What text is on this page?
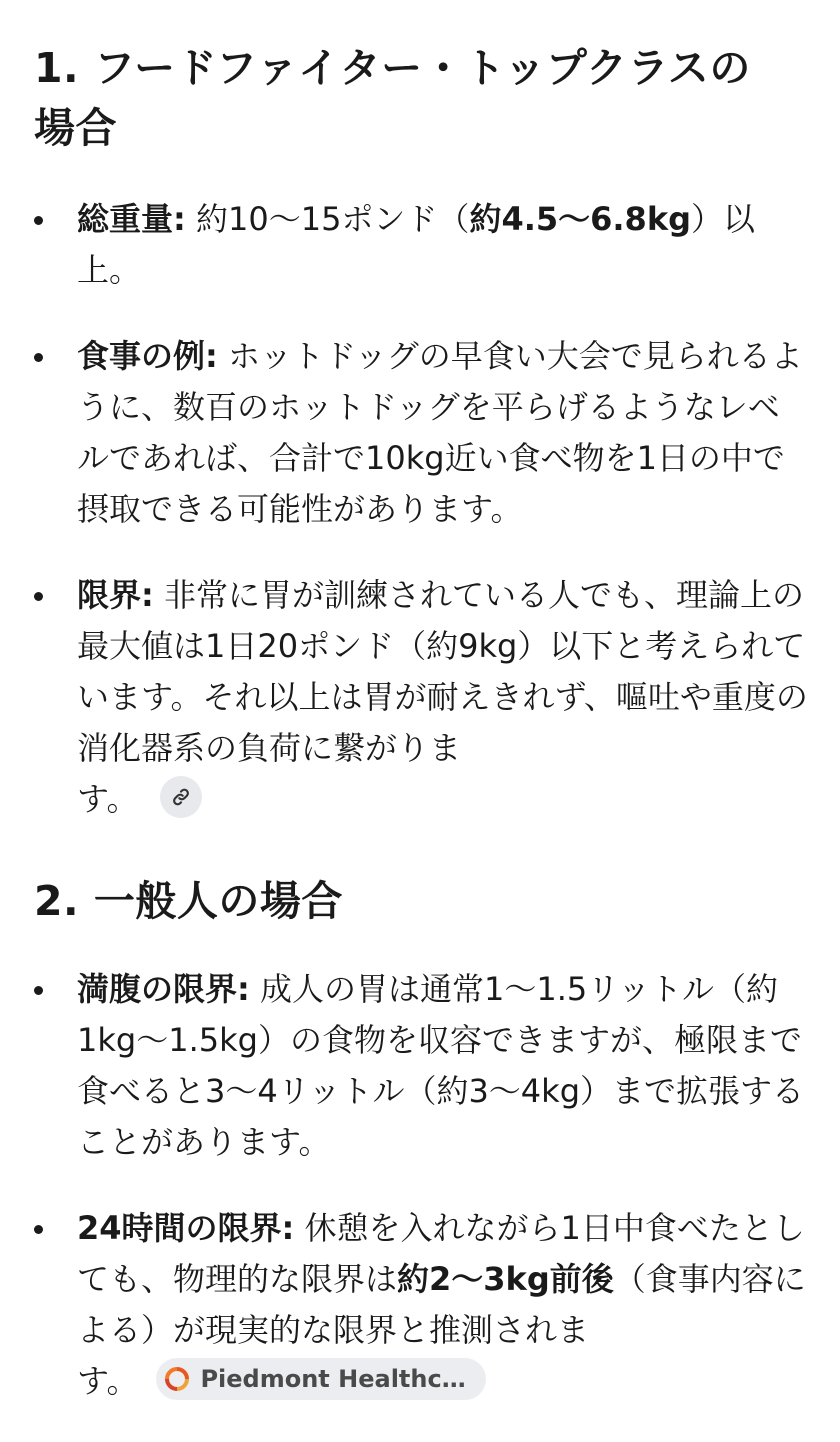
1. フードファイター・トップクラスの
場合
総重量: 約10〜15ポンド（約4.5〜6.8kg）以上。
食事の例: ホットドッグの早食い大会で見られるように、数百のホットドッグを平らげるようなレベルであれば、合計で10kg近い食べ物を1日の中で摂取できる可能性があります。
限界: 非常に胃が訓練されている人でも、理論上の最大値は1日20ポンド（約9kg）以下と考えられています。それ以上は胃が耐えきれず、嘔吐や重度の消化器系の負荷に繋がりま
す。
2. 一般人の場合
満腹の限界: 成人の胃は通常1〜1.5リットル（約1kg〜1.5kg）の食物を収容できますが、極限まで食べると3〜4リットル（約3〜4kg）まで拡張することがあります。
24時間の限界: 休憩を入れながら1日中食べたとしても、物理的な限界は約2〜3kg前後（食事内容による）が現実的な限界と推測されま
す。	Piedmont Healthc…
